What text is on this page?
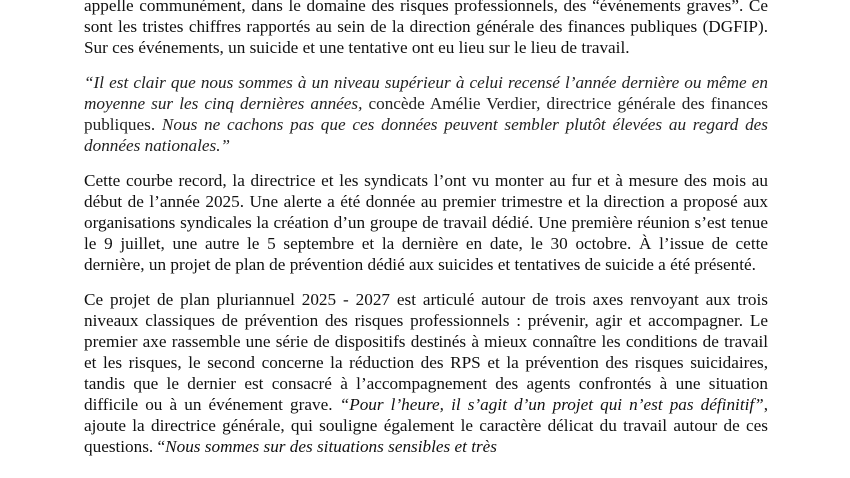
appelle communément, dans le domaine des risques professionnels, des “événements graves”. Ce sont les tristes chiffres rapportés au sein de la direction générale des finances publiques (DGFIP). Sur ces événements, un suicide et une tentative ont eu lieu sur le lieu de travail.

“Il est clair que nous sommes à un niveau supérieur à celui recensé l’année dernière ou même en moyenne sur les cinq dernières années, concède Amélie Verdier, directrice générale des finances publiques. Nous ne cachons pas que ces données peuvent sembler plutôt élevées au regard des données nationales.”

Cette courbe record, la directrice et les syndicats l’ont vu monter au fur et à mesure des mois au début de l’année 2025. Une alerte a été donnée au premier trimestre et la direction a proposé aux organisations syndicales la création d’un groupe de travail dédié. Une première réunion s’est tenue le 9 juillet, une autre le 5 septembre et la dernière en date, le 30 octobre. À l’issue de cette dernière, un projet de plan de prévention dédié aux suicides et tentatives de suicide a été présenté.

Ce projet de plan pluriannuel 2025 - 2027 est articulé autour de trois axes renvoyant aux trois niveaux classiques de prévention des risques professionnels : prévenir, agir et accompagner. Le premier axe rassemble une série de dispositifs destinés à mieux connaître les conditions de travail et les risques, le second concerne la réduction des RPS et la prévention des risques suicidaires, tandis que le dernier est consacré à l’accompagnement des agents confrontés à une situation difficile ou à un événement grave. “Pour l’heure, il s’agit d’un projet qui n’est pas définitif”, ajoute la directrice générale, qui souligne également le caractère délicat du travail autour de ces questions. “Nous sommes sur des situations sensibles et très
